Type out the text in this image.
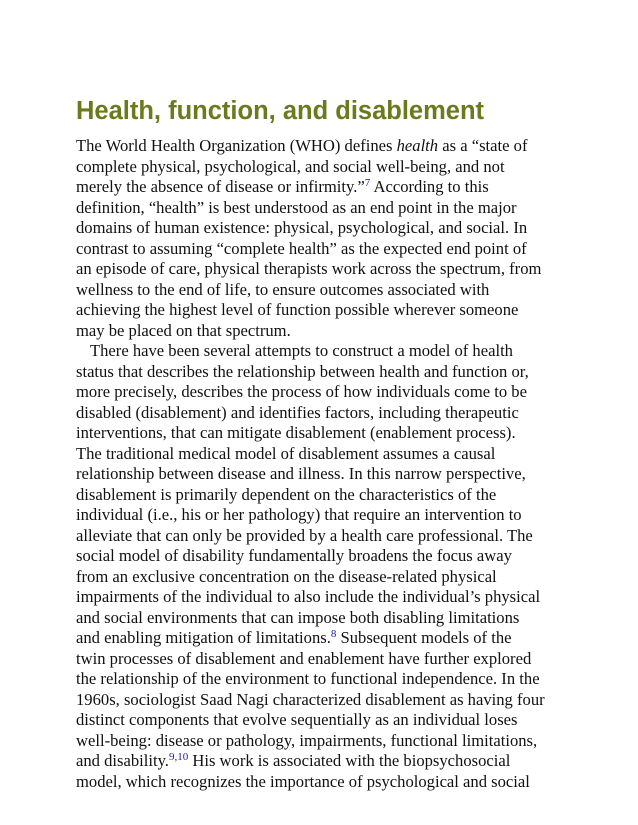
Health, function, and disablement
The World Health Organization (WHO) defines health as a “state of
complete physical, psychological, and social well-being, and not
merely the absence of disease or infirmity.”$^7$ According to this
definition, “health” is best understood as an end point in the major
domains of human existence: physical, psychological, and social. In
contrast to assuming “complete health” as the expected end point of
an episode of care, physical therapists work across the spectrum, from
wellness to the end of life, to ensure outcomes associated with
achieving the highest level of function possible wherever someone
may be placed on that spectrum.
There have been several attempts to construct a model of health
status that describes the relationship between health and function or,
more precisely, describes the process of how individuals come to be
disabled (disablement) and identifies factors, including therapeutic
interventions, that can mitigate disablement (enablement process).
The traditional medical model of disablement assumes a causal
relationship between disease and illness. In this narrow perspective,
disablement is primarily dependent on the characteristics of the
individual (i.e., his or her pathology) that require an intervention to
alleviate that can only be provided by a health care professional. The
social model of disability fundamentally broadens the focus away
from an exclusive concentration on the disease-related physical
impairments of the individual to also include the individual’s physical
and social environments that can impose both disabling limitations
and enabling mitigation of limitations.$^8$ Subsequent models of the
twin processes of disablement and enablement have further explored
the relationship of the environment to functional independence. In the
1960s, sociologist Saad Nagi characterized disablement as having four
distinct components that evolve sequentially as an individual loses
well-being: disease or pathology, impairments, functional limitations,
and disability.$^{9,10}$ His work is associated with the biopsychosocial
model, which recognizes the importance of psychological and social
